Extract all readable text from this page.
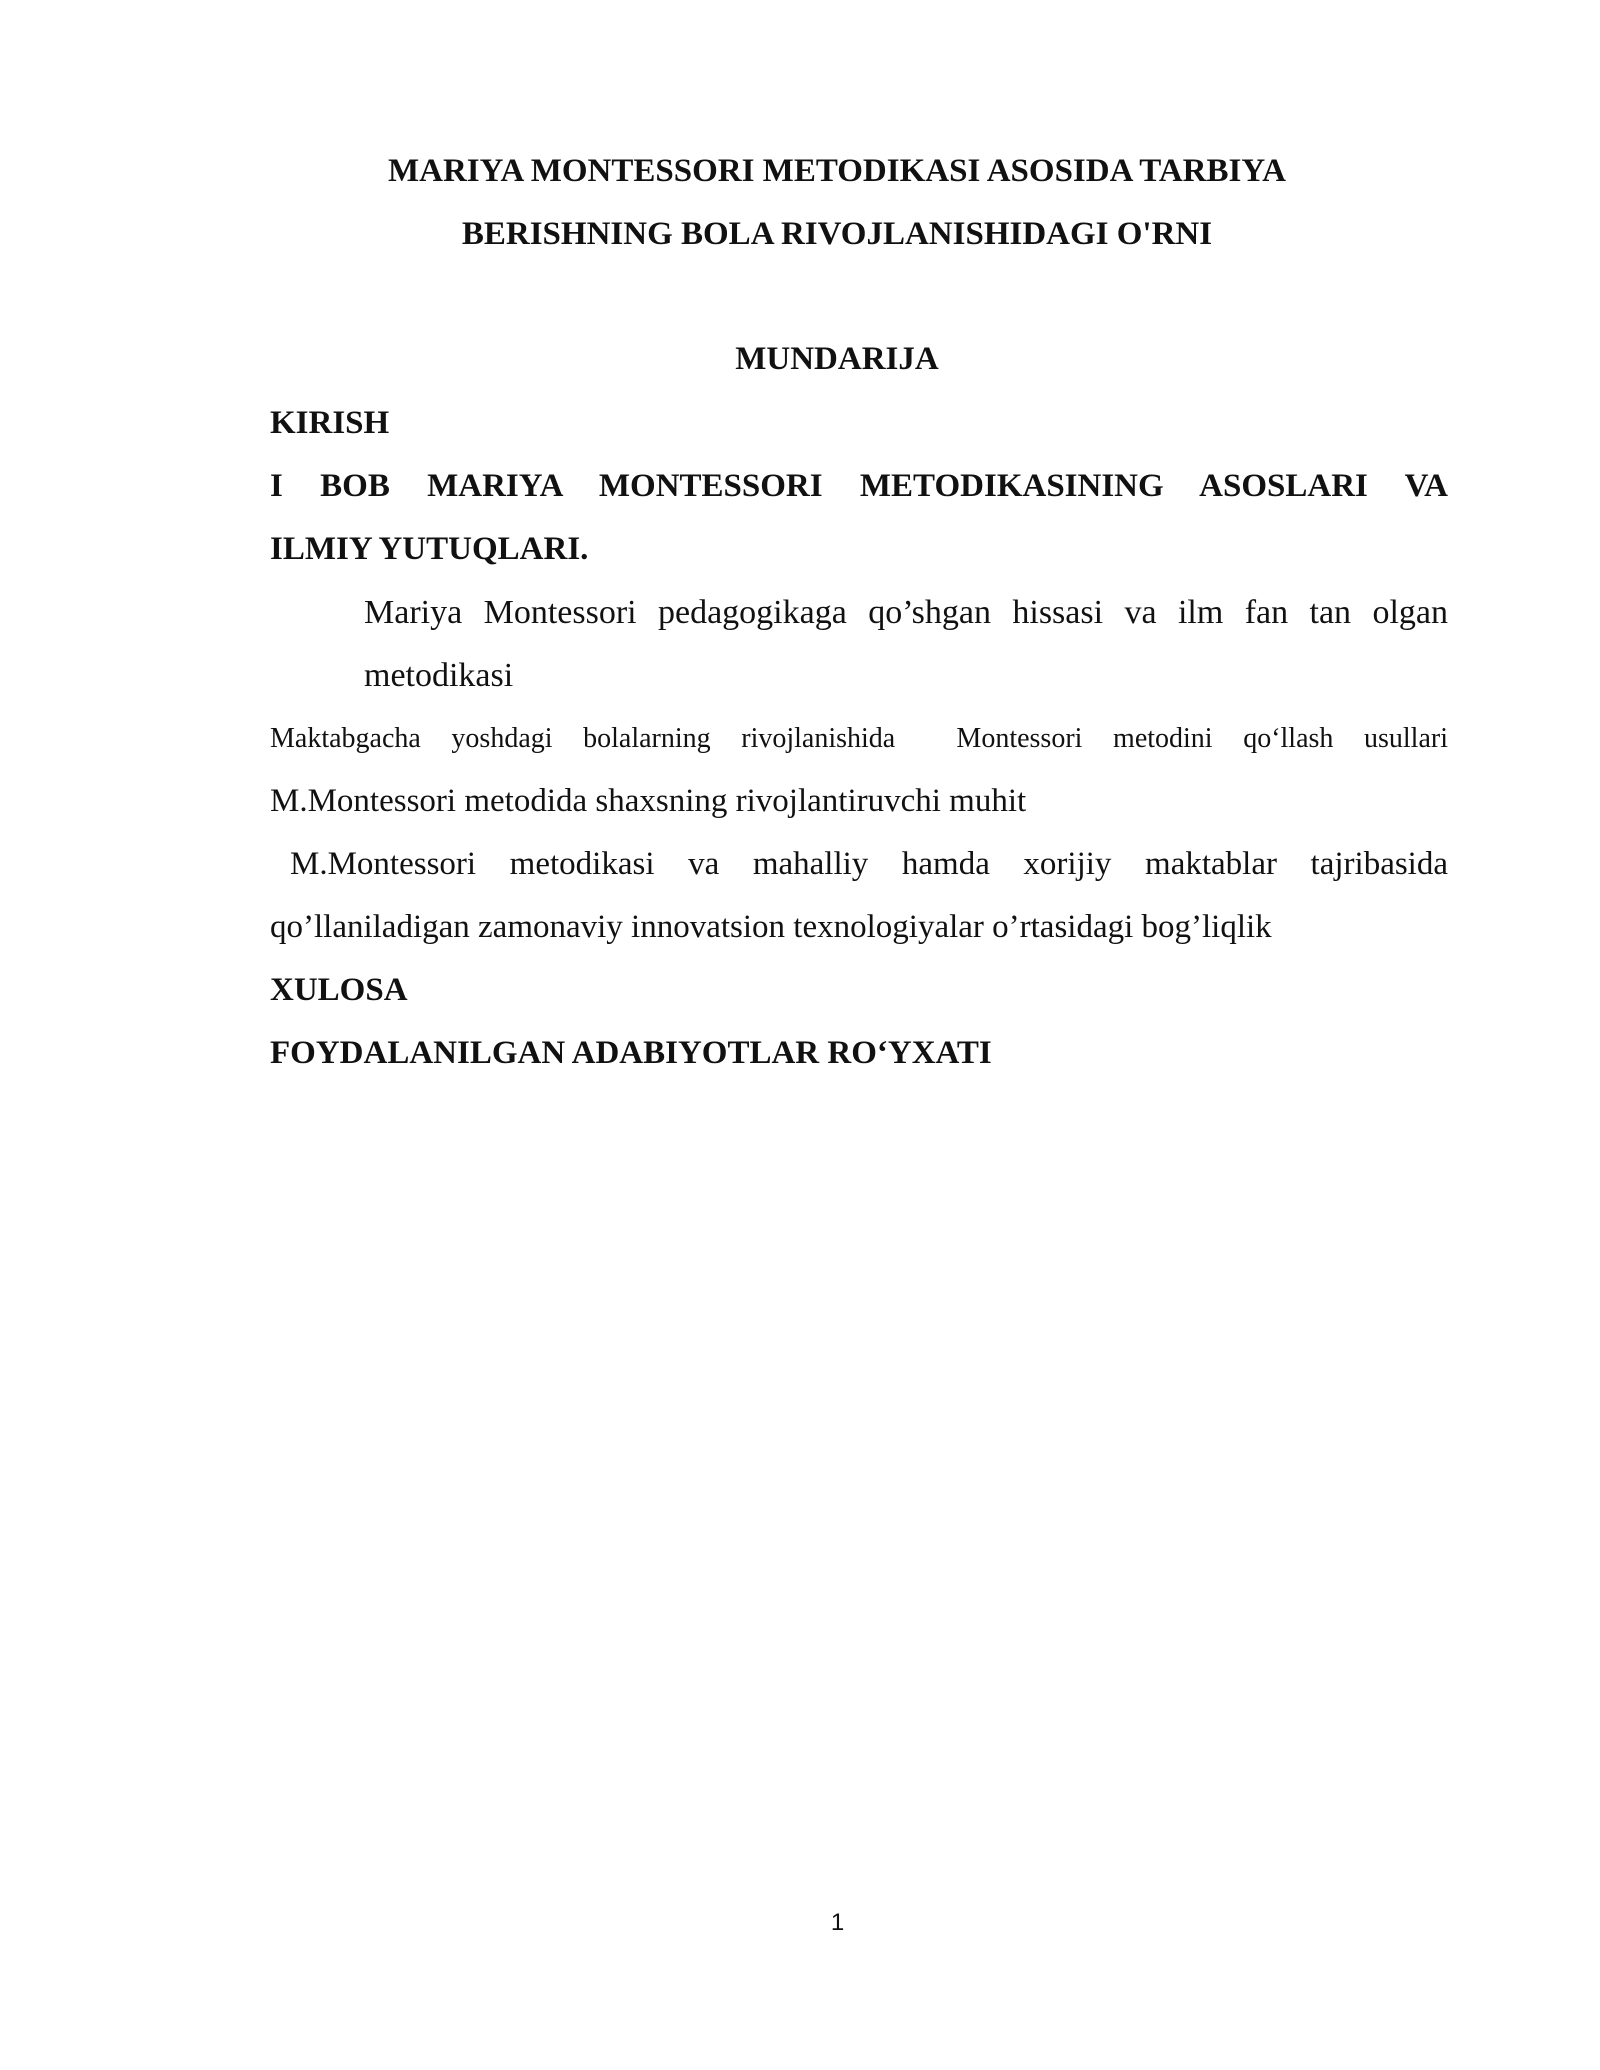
MARIYA MONTESSORI METODIKASI ASOSIDA TARBIYA
BERISHNING BOLA RIVOJLANISHIDAGI O'RNI
MUNDARIJA
KIRISH
I BOB MARIYA MONTESSORI METODIKASINING ASOSLARI VA
ILMIY YUTUQLARI.
Mariya Montessori pedagogikaga qo’shgan hissasi va ilm fan tan olgan
metodikasi
Maktabgacha yoshdagi bolalarning rivojlanishida  Montessori metodini qo‘llash usullari
M.Montessori metodida shaxsning rivojlantiruvchi muhit
M.Montessori metodikasi va mahalliy hamda xorijiy maktablar tajribasida
qo’llaniladigan zamonaviy innovatsion texnologiyalar o’rtasidagi bog’liqlik
XULOSA
FOYDALANILGAN ADABIYOTLAR RO‘YXATI
1
